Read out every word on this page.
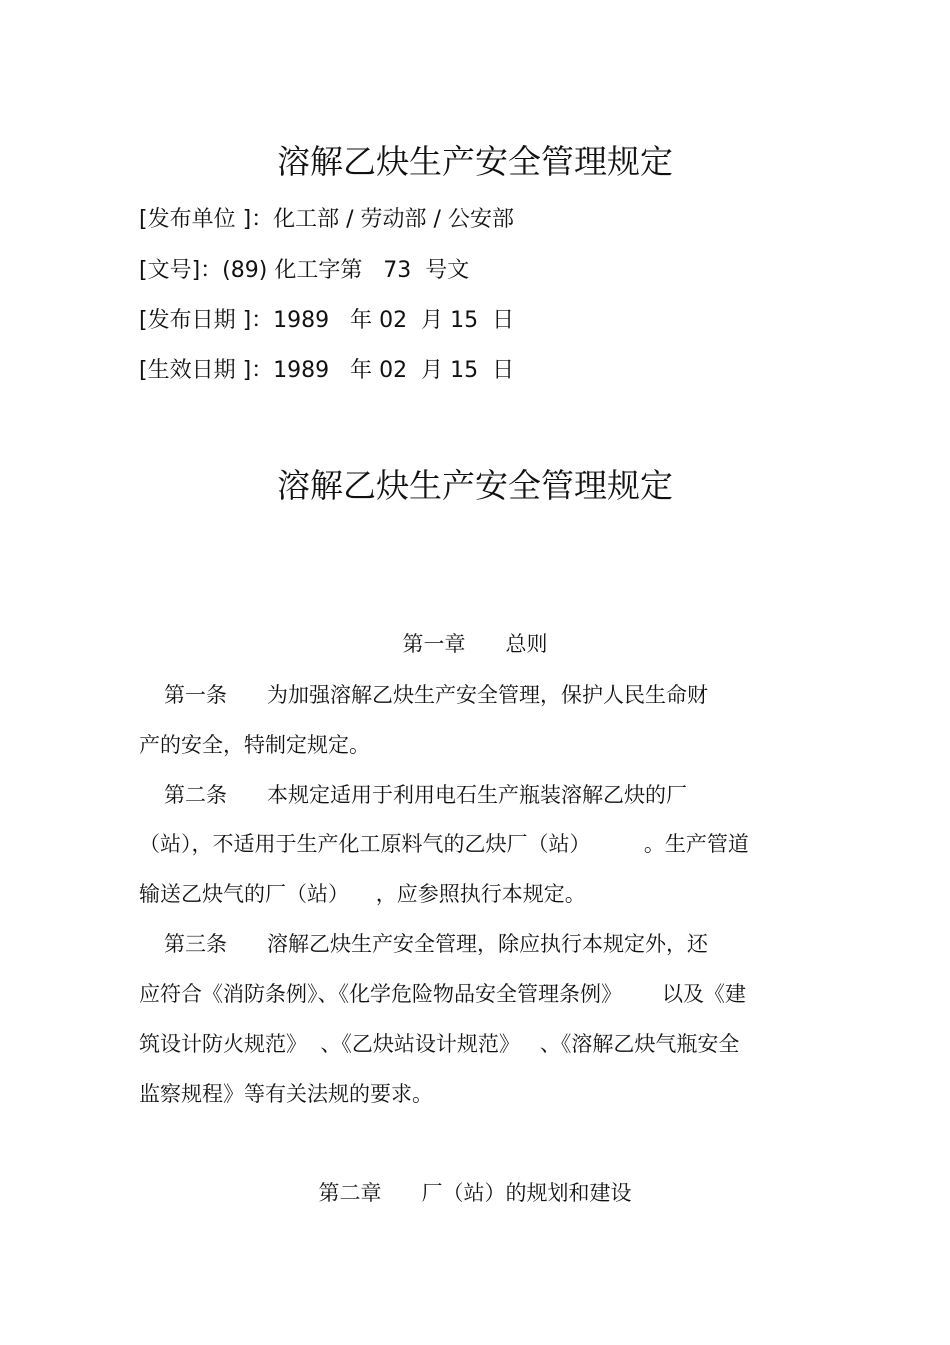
溶解乙炔生产安全管理规定
[发布单位 ]：化工部 / 劳动部 / 公安部
[文号]：(89) 化工字第   73  号文
[发布日期 ]：1989   年 02  月 15  日
[生效日期 ]：1989   年 02  月 15  日
溶解乙炔生产安全管理规定
第一章      总则
第一条      为加强溶解乙炔生产安全管理，保护人民生命财
产的安全，特制定规定。
第二条      本规定适用于利用电石生产瓶装溶解乙炔的厂
（站），不适用于生产化工原料气的乙炔厂（站）        。生产管道
输送乙炔气的厂（站）    ，应参照执行本规定。
第三条      溶解乙炔生产安全管理，除应执行本规定外，还
应符合《消防条例》、《化学危险物品安全管理条例》      以及《建
筑设计防火规范》  、《乙炔站设计规范》   、《溶解乙炔气瓶安全
监察规程》等有关法规的要求。
第二章      厂（站）的规划和建设
